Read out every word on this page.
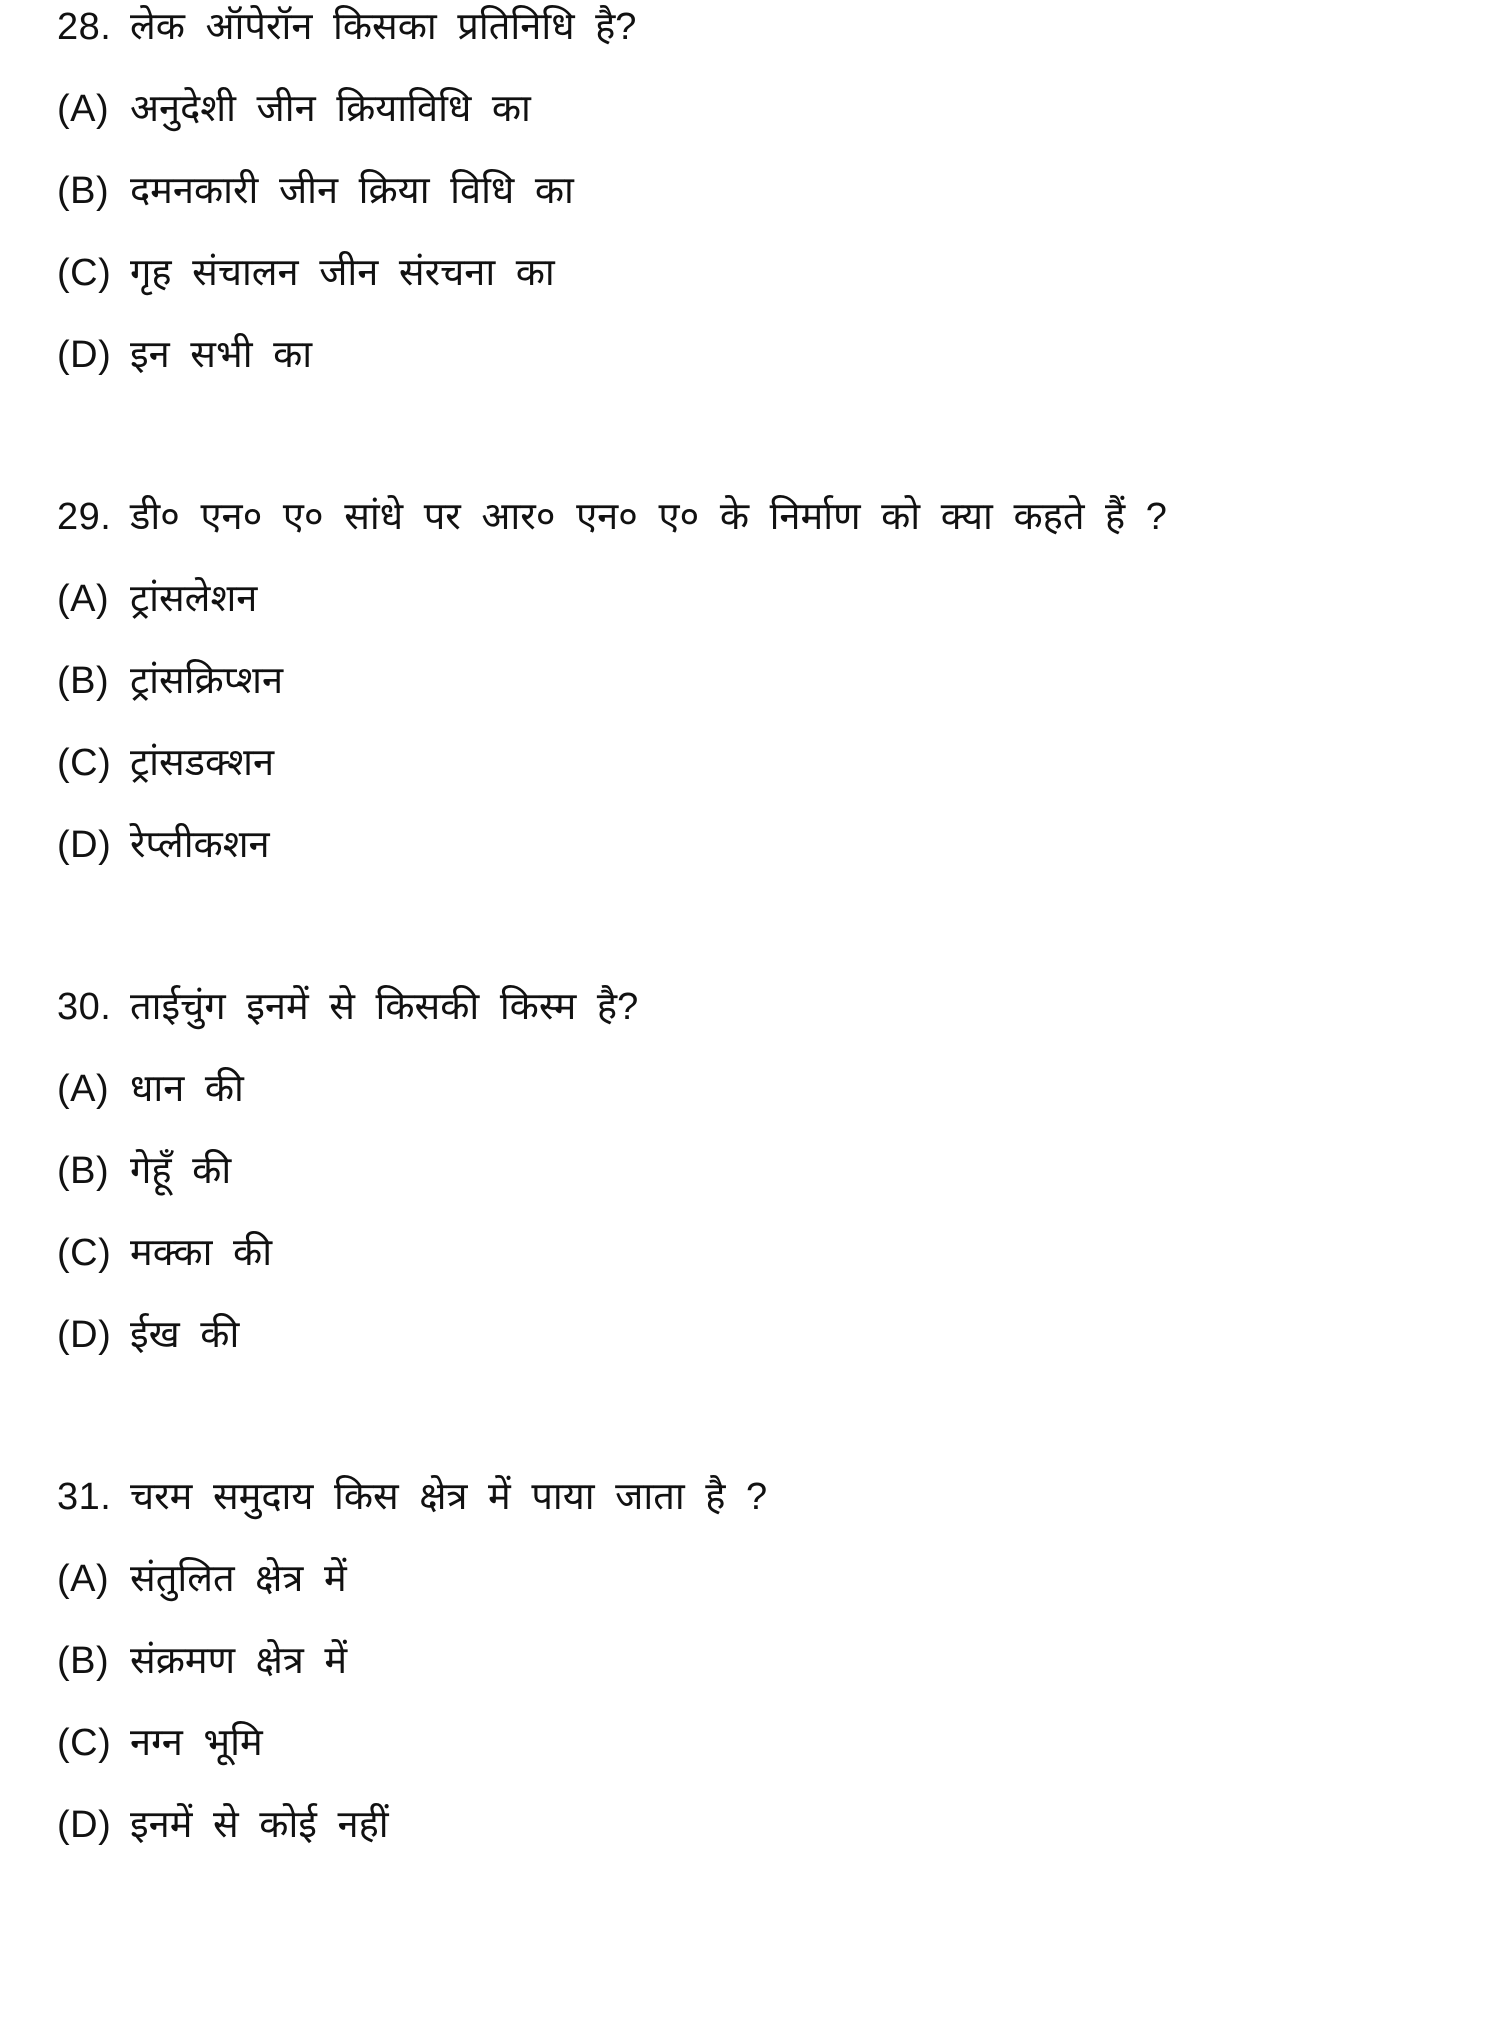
28. लेक ऑपेरॉन किसका प्रतिनिधि है?
(A) अनुदेशी जीन क्रियाविधि का
(B) दमनकारी जीन क्रिया विधि का
(C) गृह संचालन जीन संरचना का
(D) इन सभी का
29. डी० एन० ए० सांधे पर आर० एन० ए० के निर्माण को क्या कहते हैं ?
(A) ट्रांसलेशन
(B) ट्रांसक्रिप्शन
(C) ट्रांसडक्शन
(D) रेप्लीकशन
30. ताईचुंग इनमें से किसकी किस्म है?
(A) धान की
(B) गेहूँ की
(C) मक्का की
(D) ईख की
31. चरम समुदाय किस क्षेत्र में पाया जाता है ?
(A) संतुलित क्षेत्र में
(B) संक्रमण क्षेत्र में
(C) नग्न भूमि
(D) इनमें से कोई नहीं
